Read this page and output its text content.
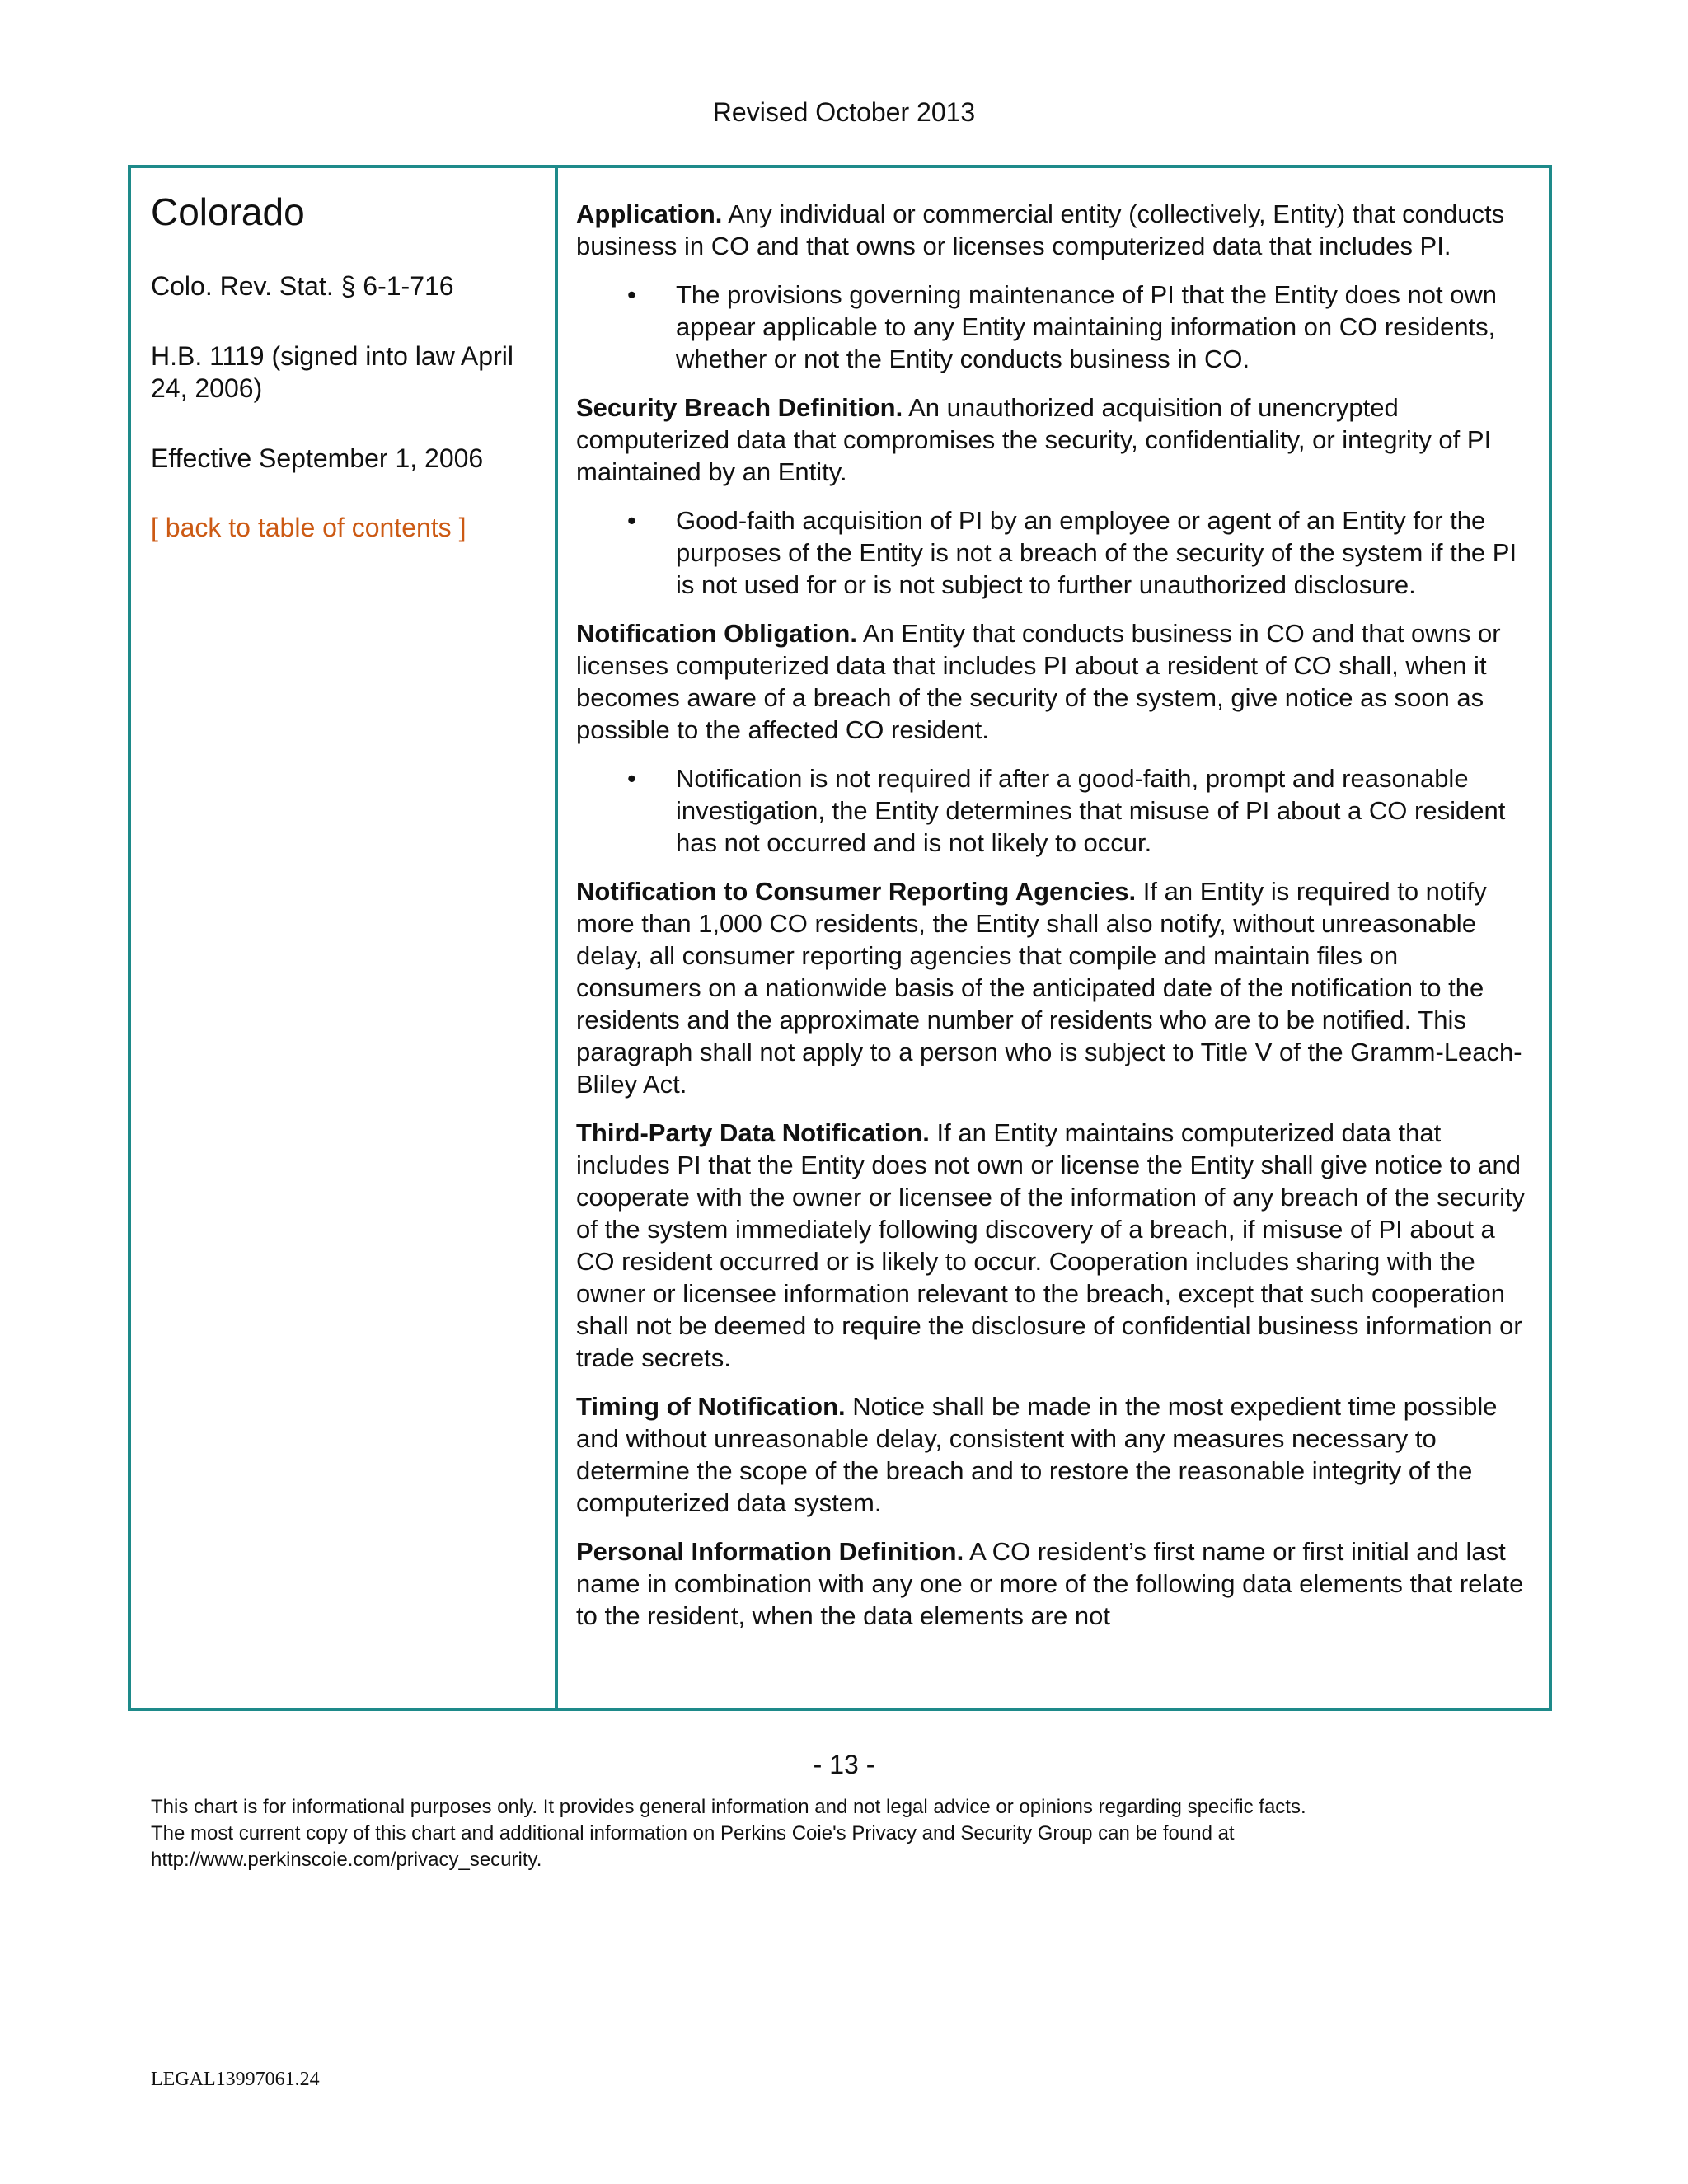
Revised October 2013
Colorado
Colo. Rev. Stat. § 6-1-716
H.B. 1119 (signed into law April 24, 2006)
Effective September 1, 2006
[ back to table of contents ]

Application. Any individual or commercial entity (collectively, Entity) that conducts business in CO and that owns or licenses computerized data that includes PI.

• The provisions governing maintenance of PI that the Entity does not own appear applicable to any Entity maintaining information on CO residents, whether or not the Entity conducts business in CO.

Security Breach Definition. An unauthorized acquisition of unencrypted computerized data that compromises the security, confidentiality, or integrity of PI maintained by an Entity.

• Good-faith acquisition of PI by an employee or agent of an Entity for the purposes of the Entity is not a breach of the security of the system if the PI is not used for or is not subject to further unauthorized disclosure.

Notification Obligation. An Entity that conducts business in CO and that owns or licenses computerized data that includes PI about a resident of CO shall, when it becomes aware of a breach of the security of the system, give notice as soon as possible to the affected CO resident.

• Notification is not required if after a good-faith, prompt and reasonable investigation, the Entity determines that misuse of PI about a CO resident has not occurred and is not likely to occur.

Notification to Consumer Reporting Agencies. If an Entity is required to notify more than 1,000 CO residents, the Entity shall also notify, without unreasonable delay, all consumer reporting agencies that compile and maintain files on consumers on a nationwide basis of the anticipated date of the notification to the residents and the approximate number of residents who are to be notified. This paragraph shall not apply to a person who is subject to Title V of the Gramm-Leach-Bliley Act.

Third-Party Data Notification. If an Entity maintains computerized data that includes PI that the Entity does not own or license the Entity shall give notice to and cooperate with the owner or licensee of the information of any breach of the security of the system immediately following discovery of a breach, if misuse of PI about a CO resident occurred or is likely to occur. Cooperation includes sharing with the owner or licensee information relevant to the breach, except that such cooperation shall not be deemed to require the disclosure of confidential business information or trade secrets.

Timing of Notification. Notice shall be made in the most expedient time possible and without unreasonable delay, consistent with any measures necessary to determine the scope of the breach and to restore the reasonable integrity of the computerized data system.

Personal Information Definition. A CO resident’s first name or first initial and last name in combination with any one or more of the following data elements that relate to the resident, when the data elements are not

- 13 -
This chart is for informational purposes only. It provides general information and not legal advice or opinions regarding specific facts.
The most current copy of this chart and additional information on Perkins Coie's Privacy and Security Group can be found at
http://www.perkinscoie.com/privacy_security.
LEGAL13997061.24
